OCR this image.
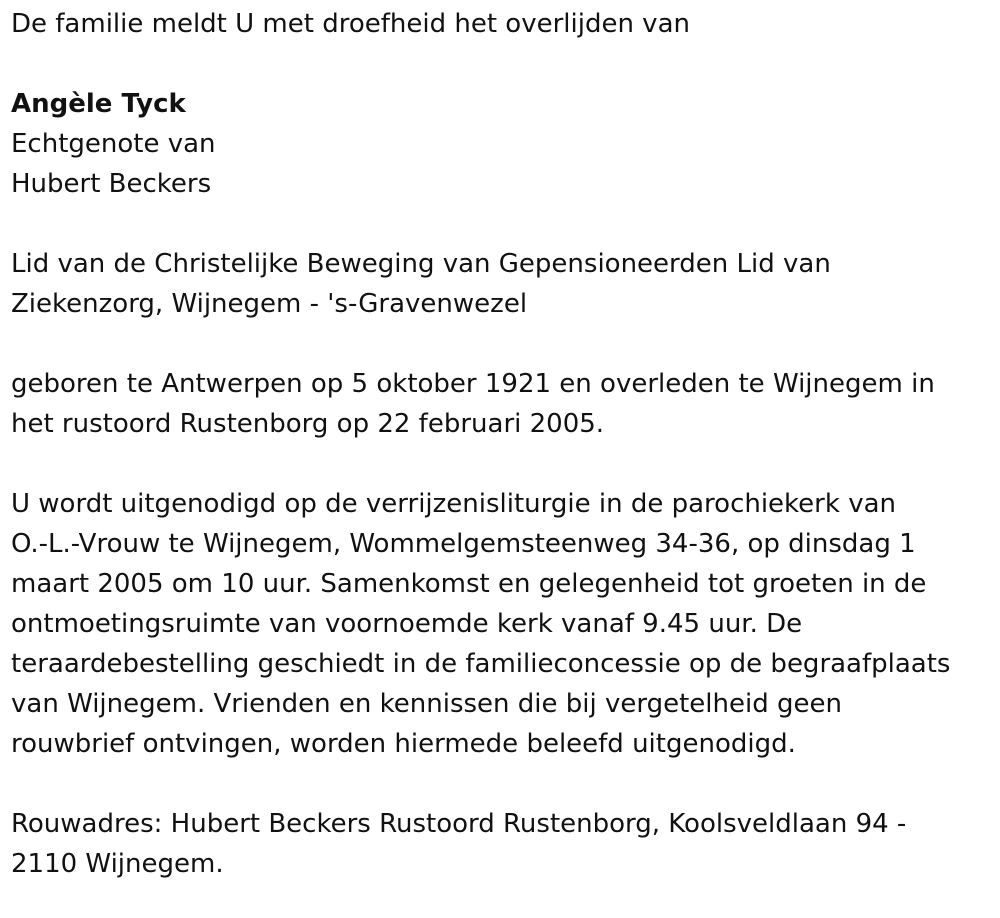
De familie meldt U met droefheid het overlijden van

Angèle Tyck

Echtgenote van

Hubert Beckers

Lid van de Christelijke Beweging van Gepensioneerden Lid van

Ziekenzorg, Wijnegem - 's-Gravenwezel

geboren te Antwerpen op 5 oktober 1921 en overleden te Wijnegem in

het rustoord Rustenborg op 22 februari 2005.

U wordt uitgenodigd op de verrijzenisliturgie in de parochiekerk van

O.-L.-Vrouw te Wijnegem, Wommelgemsteenweg 34-36, op dinsdag 1

maart 2005 om 10 uur. Samenkomst en gelegenheid tot groeten in de

ontmoetingsruimte van voornoemde kerk vanaf 9.45 uur. De

teraardebestelling geschiedt in de familieconcessie op de begraafplaats

van Wijnegem. Vrienden en kennissen die bij vergetelheid geen

rouwbrief ontvingen, worden hiermede beleefd uitgenodigd.

Rouwadres: Hubert Beckers Rustoord Rustenborg, Koolsveldlaan 94 -

2110 Wijnegem.
